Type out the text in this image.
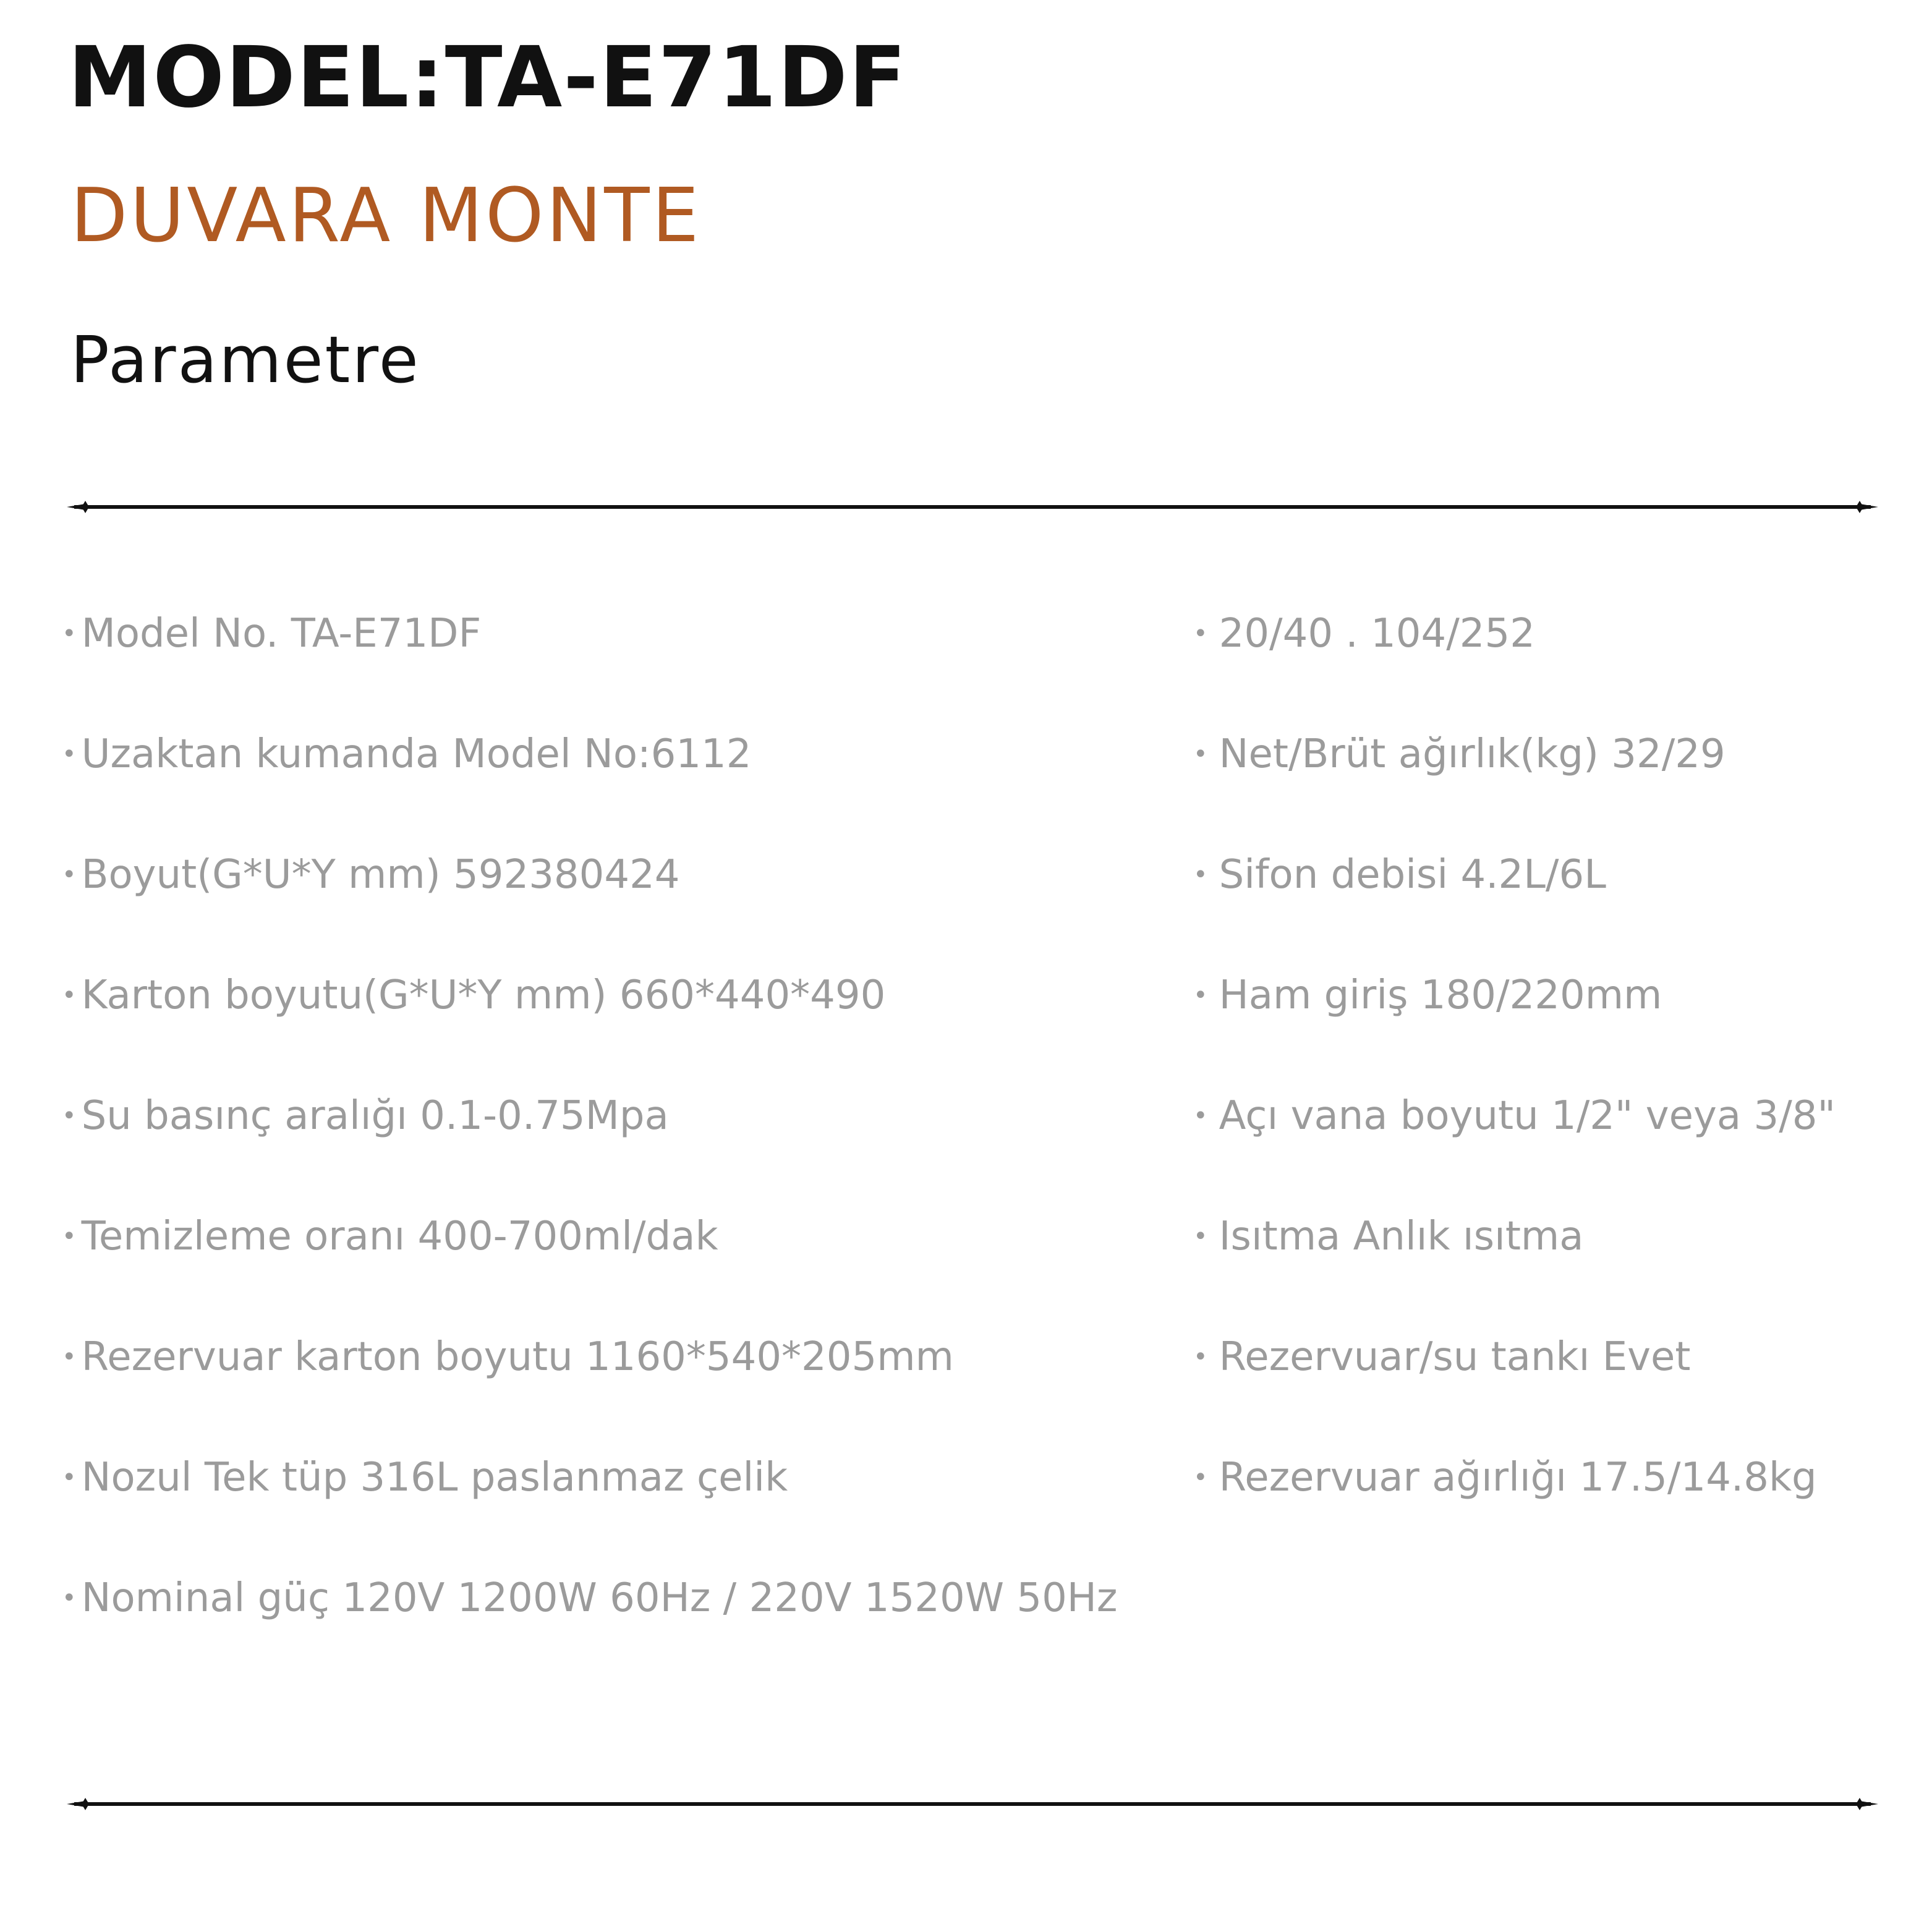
MODEL:TA-E71DF
DUVARA MONTE
Parametre
• Model No. TA-E71DF
• Uzaktan kumanda Model No:6112
• Boyut(G*U*Y mm) 592380424
• Karton boyutu(G*U*Y mm) 660*440*490
• Su basınç aralığı 0.1-0.75Mpa
• Temizleme oranı 400-700ml/dak
• Rezervuar karton boyutu 1160*540*205mm
• Nozul Tek tüp 316L paslanmaz çelik
• Nominal güç 120V 1200W 60Hz / 220V 1520W 50Hz
• 20/40 . 104/252
• Net/Brüt ağırlık(kg) 32/29
• Sifon debisi 4.2L/6L
• Ham giriş 180/220mm
• Açı vana boyutu 1/2" veya 3/8"
• Isıtma Anlık ısıtma
• Rezervuar/su tankı Evet
• Rezervuar ağırlığı 17.5/14.8kg
